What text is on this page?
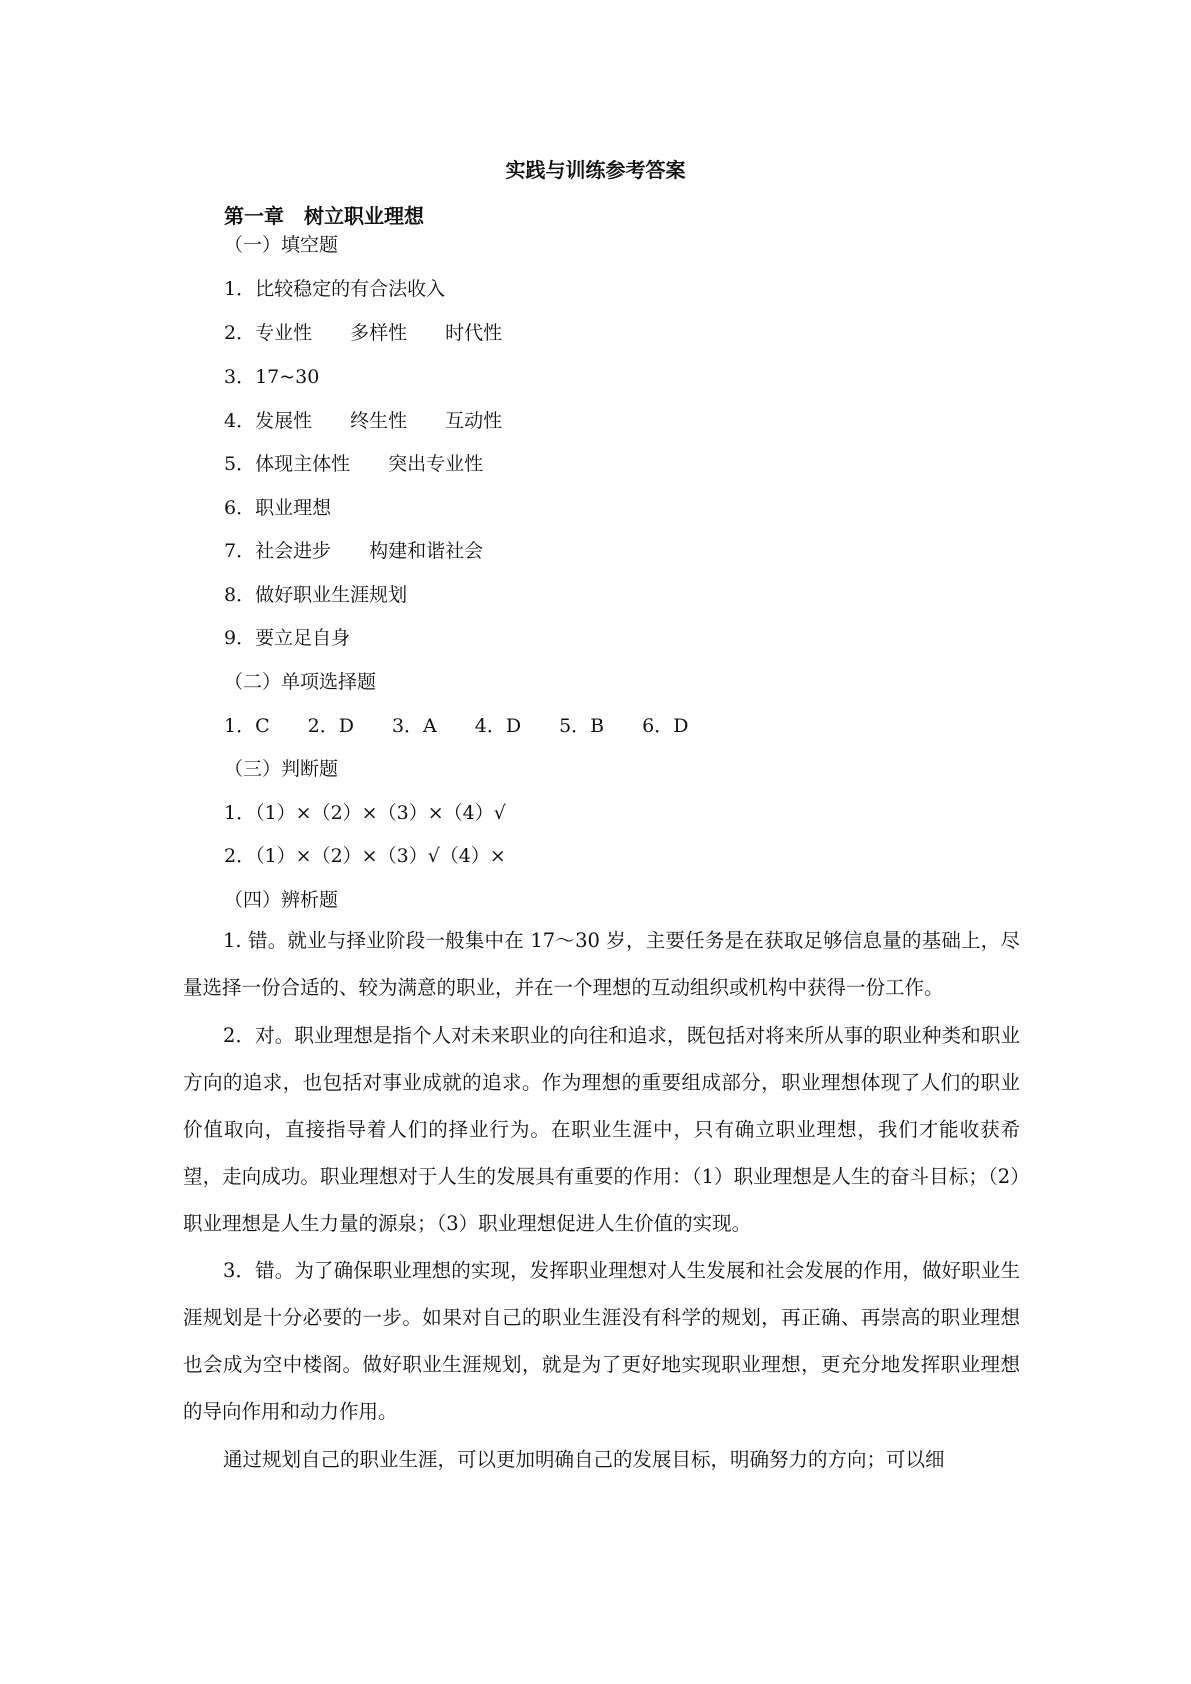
实践与训练参考答案
第一章　树立职业理想
（一）填空题
1．比较稳定的有合法收入
2．专业性　　多样性　　时代性
3．17~30
4．发展性　　终生性　　互动性
5．体现主体性　　突出专业性
6．职业理想
7．社会进步　　构建和谐社会
8．做好职业生涯规划
9．要立足自身
（二）单项选择题
1．C　　2．D　　3．A　　4．D　　5．B　　6．D
（三）判断题
1．（1）×（2）×（3）×（4）√
2．（1）×（2）×（3）√（4）×
（四）辨析题

1. 错。就业与择业阶段一般集中在 17～30 岁，主要任务是在获取足够信息量的基础上，尽量选择一份合适的、较为满意的职业，并在一个理想的互动组织或机构中获得一份工作。

2．对。职业理想是指个人对未来职业的向往和追求，既包括对将来所从事的职业种类和职业方向的追求，也包括对事业成就的追求。作为理想的重要组成部分，职业理想体现了人们的职业价值取向，直接指导着人们的择业行为。在职业生涯中，只有确立职业理想，我们才能收获希望，走向成功。职业理想对于人生的发展具有重要的作用：（1）职业理想是人生的奋斗目标；（2）职业理想是人生力量的源泉；（3）职业理想促进人生价值的实现。

3．错。为了确保职业理想的实现，发挥职业理想对人生发展和社会发展的作用，做好职业生涯规划是十分必要的一步。如果对自己的职业生涯没有科学的规划，再正确、再崇高的职业理想也会成为空中楼阁。做好职业生涯规划，就是为了更好地实现职业理想，更充分地发挥职业理想的导向作用和动力作用。

通过规划自己的职业生涯，可以更加明确自己的发展目标，明确努力的方向；可以细
